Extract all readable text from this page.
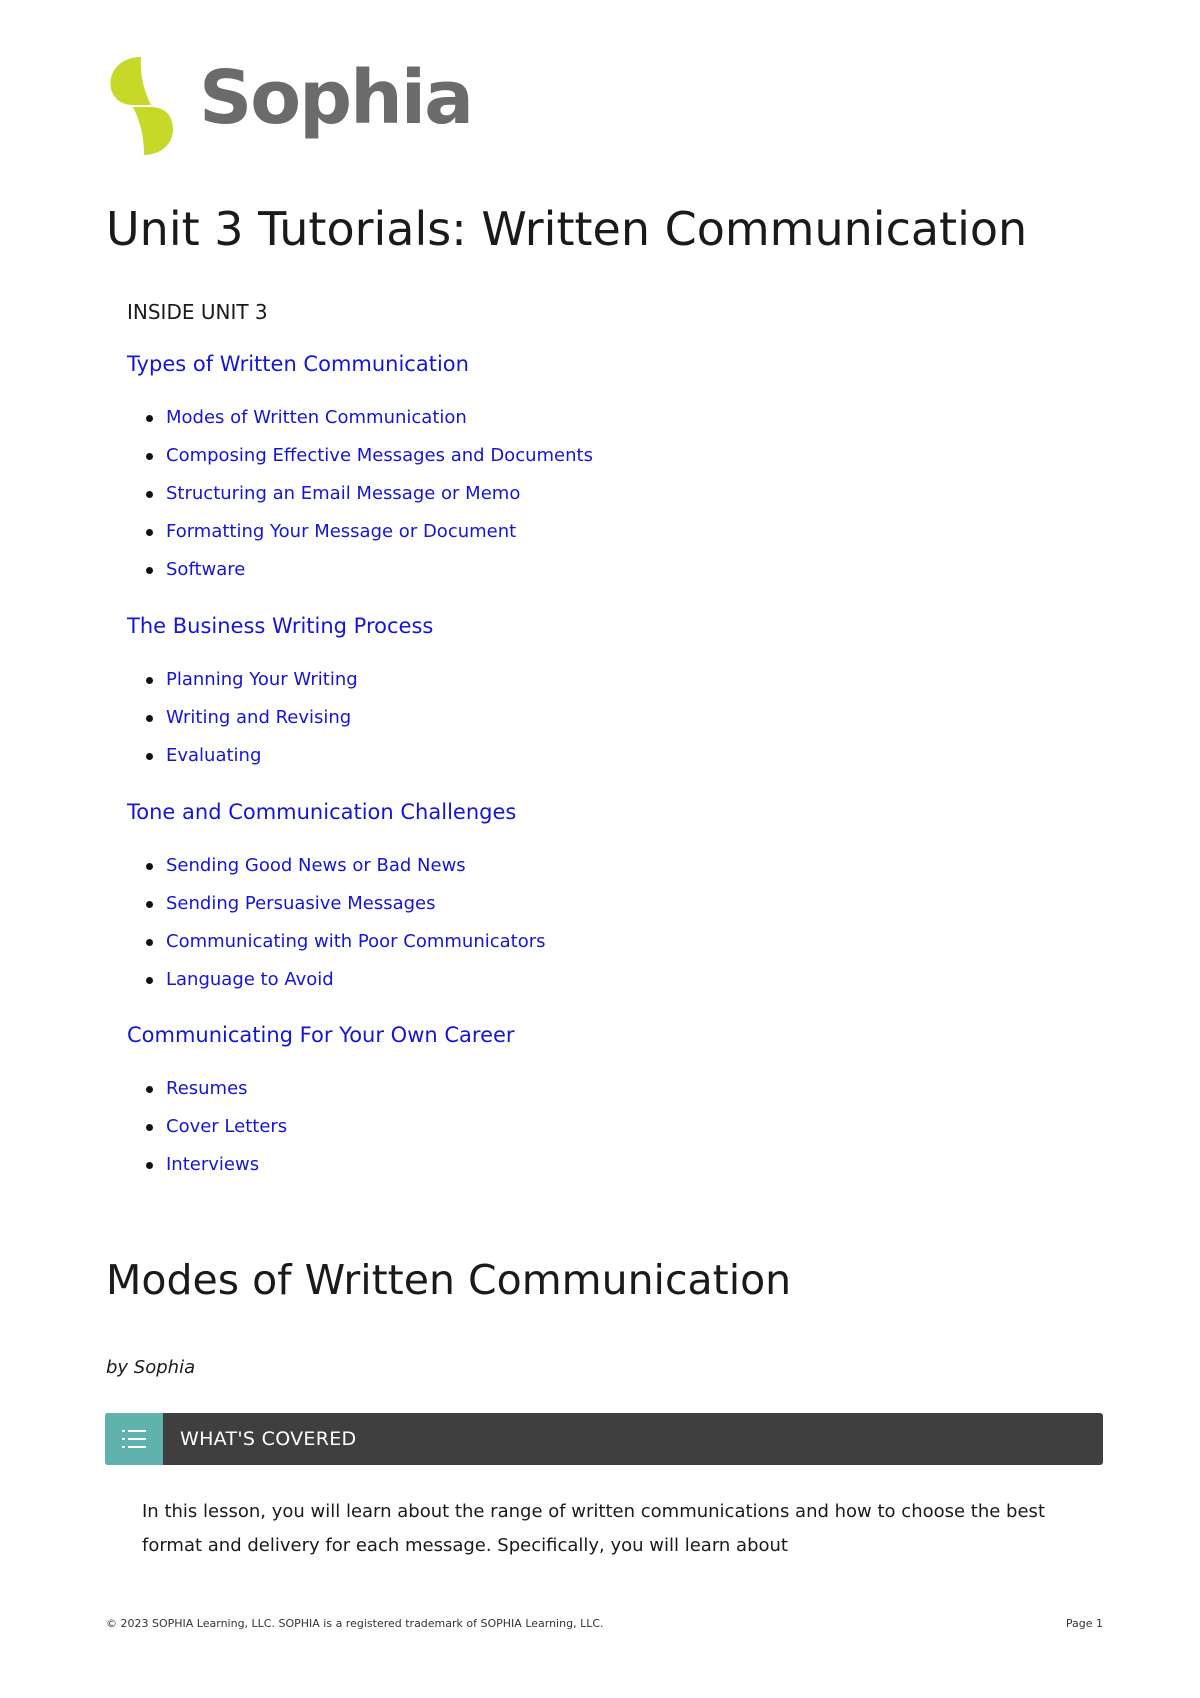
Sophia
Unit 3 Tutorials: Written Communication
INSIDE UNIT 3
Types of Written Communication
Modes of Written Communication
Composing Effective Messages and Documents
Structuring an Email Message or Memo
Formatting Your Message or Document
Software
The Business Writing Process
Planning Your Writing
Writing and Revising
Evaluating
Tone and Communication Challenges
Sending Good News or Bad News
Sending Persuasive Messages
Communicating with Poor Communicators
Language to Avoid
Communicating For Your Own Career
Resumes
Cover Letters
Interviews
Modes of Written Communication
by Sophia
WHAT'S COVERED

In this lesson, you will learn about the range of written communications and how to choose the best format and delivery for each message. Specifically, you will learn about

© 2023 SOPHIA Learning, LLC. SOPHIA is a registered trademark of SOPHIA Learning, LLC.	Page 1
